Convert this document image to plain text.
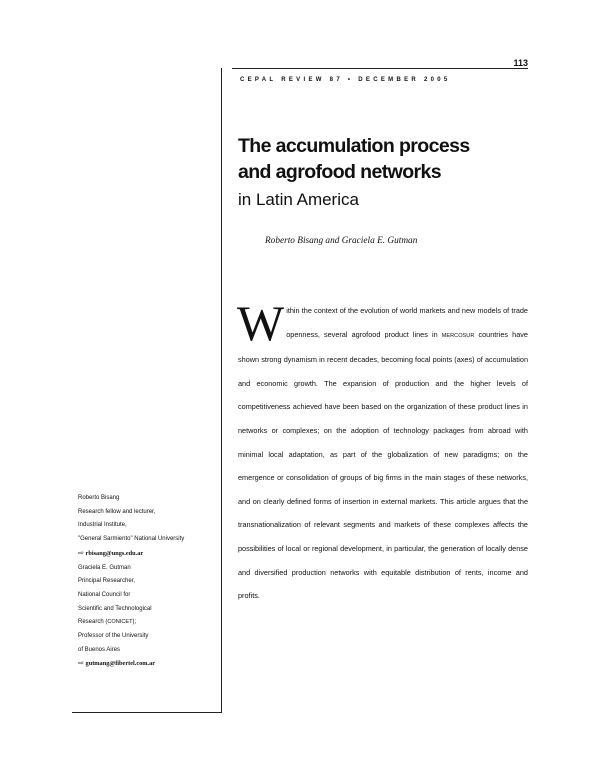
113
CEPAL REVIEW 87 • DECEMBER 2005
The accumulation process
and agrofood networks
in Latin America
Roberto Bisang and Graciela E. Gutman
Within the context of the evolution of world markets and new models of trade openness, several agrofood product lines in MERCOSUR countries have shown strong dynamism in recent decades, becoming focal points (axes) of accumulation and economic growth. The expansion of production and the higher levels of competitiveness achieved have been based on the organization of these product lines in networks or complexes; on the adoption of technology packages from abroad with minimal local adaptation, as part of the globalization of new paradigms; on the emergence or consolidation of groups of big firms in the main stages of these networks, and on clearly defined forms of insertion in external markets. This article argues that the transnationalization of relevant segments and markets of these complexes affects the possibilities of local or regional development, in particular, the generation of locally dense and diversified production networks with equitable distribution of rents, income and profits.
Roberto Bisang
Research fellow and lecturer,
Industrial Institute,
"General Sarmiento" National University
⇨ rbisang@ungs.edu.ar
Graciela E. Gutman
Principal Researcher,
National Council for
Scientific and Technological
Research (CONICET);
Professor of the University
of Buenos Aires
⇨ gutmang@fibertel.com.ar
